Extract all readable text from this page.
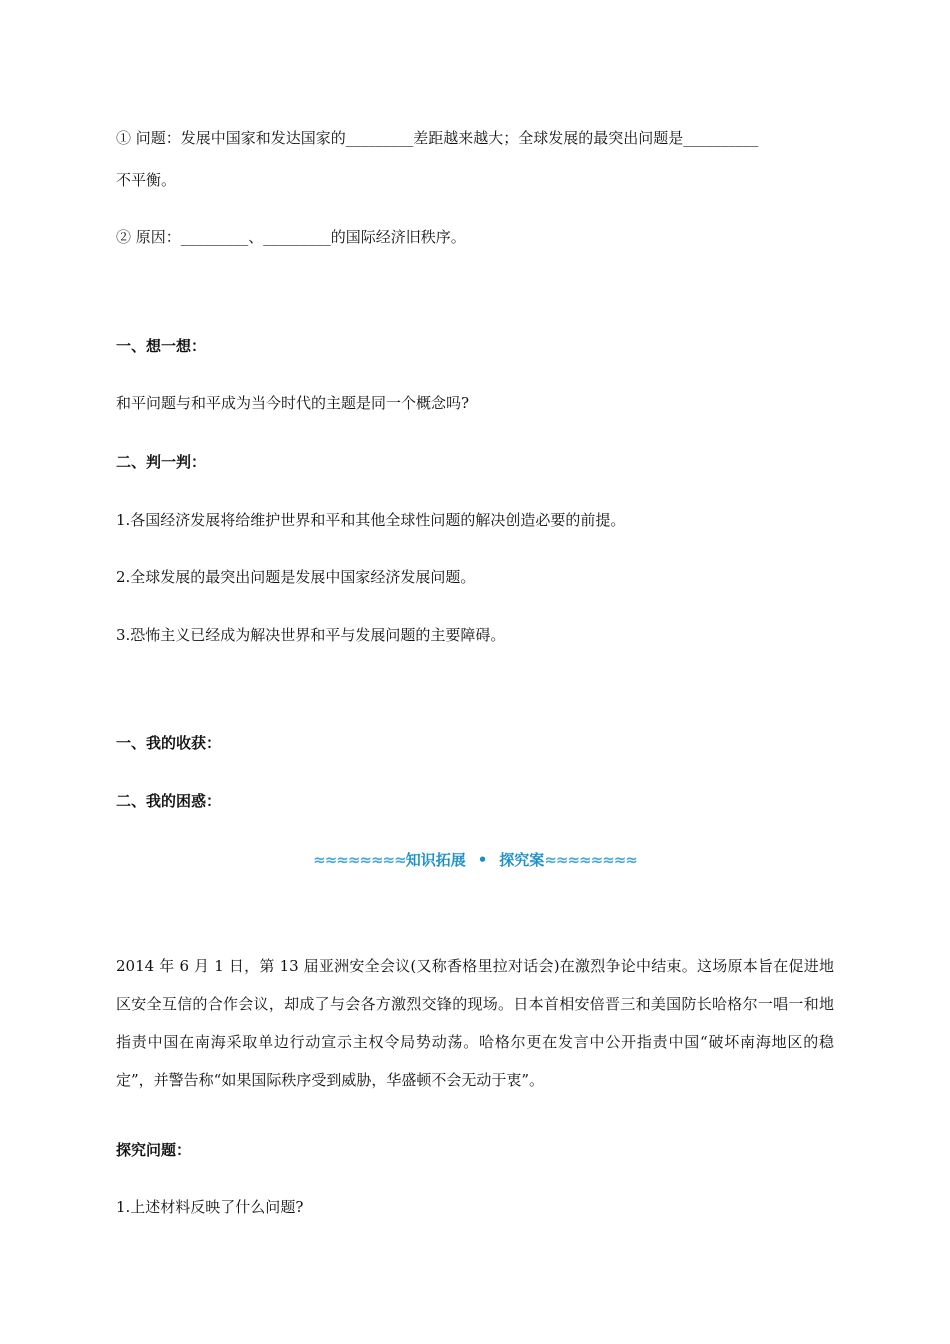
① 问题：发展中国家和发达国家的_________差距越来越大；全球发展的最突出问题是__________
不平衡。
② 原因：_________、_________的国际经济旧秩序。
一、想一想：
和平问题与和平成为当今时代的主题是同一个概念吗?
二、判一判：
1.各国经济发展将给维护世界和平和其他全球性问题的解决创造必要的前提。
2.全球发展的最突出问题是发展中国家经济发展问题。
3.恐怖主义已经成为解决世界和平与发展问题的主要障碍。
一、我的收获：
二、我的困惑：
≈≈≈≈≈≈≈≈知识拓展 • 探究案≈≈≈≈≈≈≈≈
2014 年 6 月 1 日，第 13 届亚洲安全会议(又称香格里拉对话会)在激烈争论中结束。这场原本旨在促进地区安全互信的合作会议，却成了与会各方激烈交锋的现场。日本首相安倍晋三和美国防长哈格尔一唱一和地指责中国在南海采取单边行动宣示主权令局势动荡。哈格尔更在发言中公开指责中国“破坏南海地区的稳定”，并警告称“如果国际秩序受到威胁，华盛顿不会无动于衷”。
探究问题：
1.上述材料反映了什么问题?
